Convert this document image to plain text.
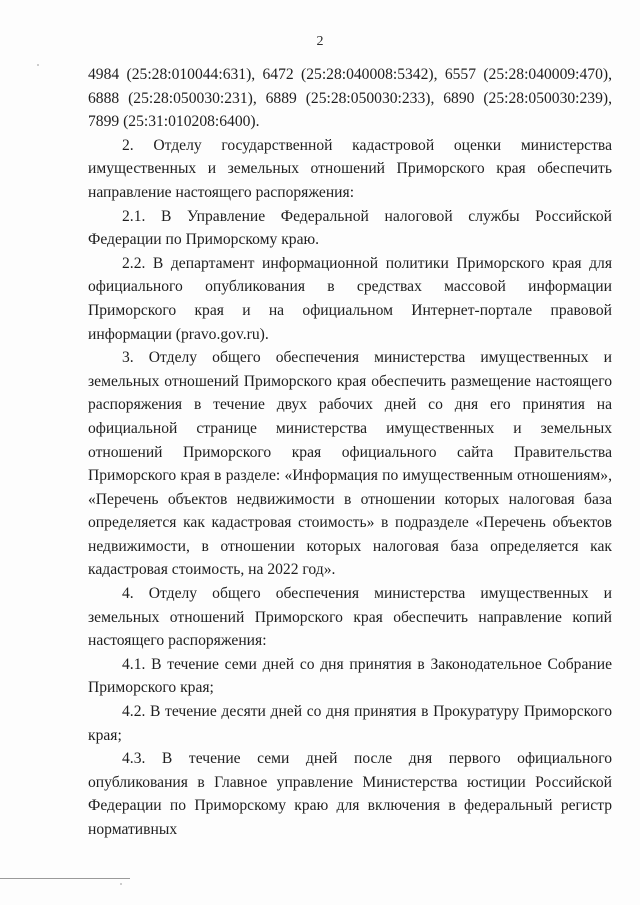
2

4984 (25:28:010044:631), 6472 (25:28:040008:5342), 6557 (25:28:040009:470), 6888 (25:28:050030:231), 6889 (25:28:050030:233), 6890 (25:28:050030:239), 7899 (25:31:010208:6400).

2. Отделу государственной кадастровой оценки министерства имущественных и земельных отношений Приморского края обеспечить направление настоящего распоряжения:

2.1. В Управление Федеральной налоговой службы Российской Федерации по Приморскому краю.

2.2. В департамент информационной политики Приморского края для официального опубликования в средствах массовой информации Приморского края и на официальном Интернет-портале правовой информации (pravo.gov.ru).

3. Отделу общего обеспечения министерства имущественных и земельных отношений Приморского края обеспечить размещение настоящего распоряжения в течение двух рабочих дней со дня его принятия на официальной странице министерства имущественных и земельных отношений Приморского края официального сайта Правительства Приморского края в разделе: «Информация по имущественным отношениям», «Перечень объектов недвижимости в отношении которых налоговая база определяется как кадастровая стоимость» в подразделе «Перечень объектов недвижимости, в отношении которых налоговая база определяется как кадастровая стоимость, на 2022 год».

4. Отделу общего обеспечения министерства имущественных и земельных отношений Приморского края обеспечить направление копий настоящего распоряжения:

4.1. В течение семи дней со дня принятия в Законодательное Собрание Приморского края;

4.2. В течение десяти дней со дня принятия в Прокуратуру Приморского края;

4.3. В течение семи дней после дня первого официального опубликования в Главное управление Министерства юстиции Российской Федерации по Приморскому краю для включения в федеральный регистр нормативных
